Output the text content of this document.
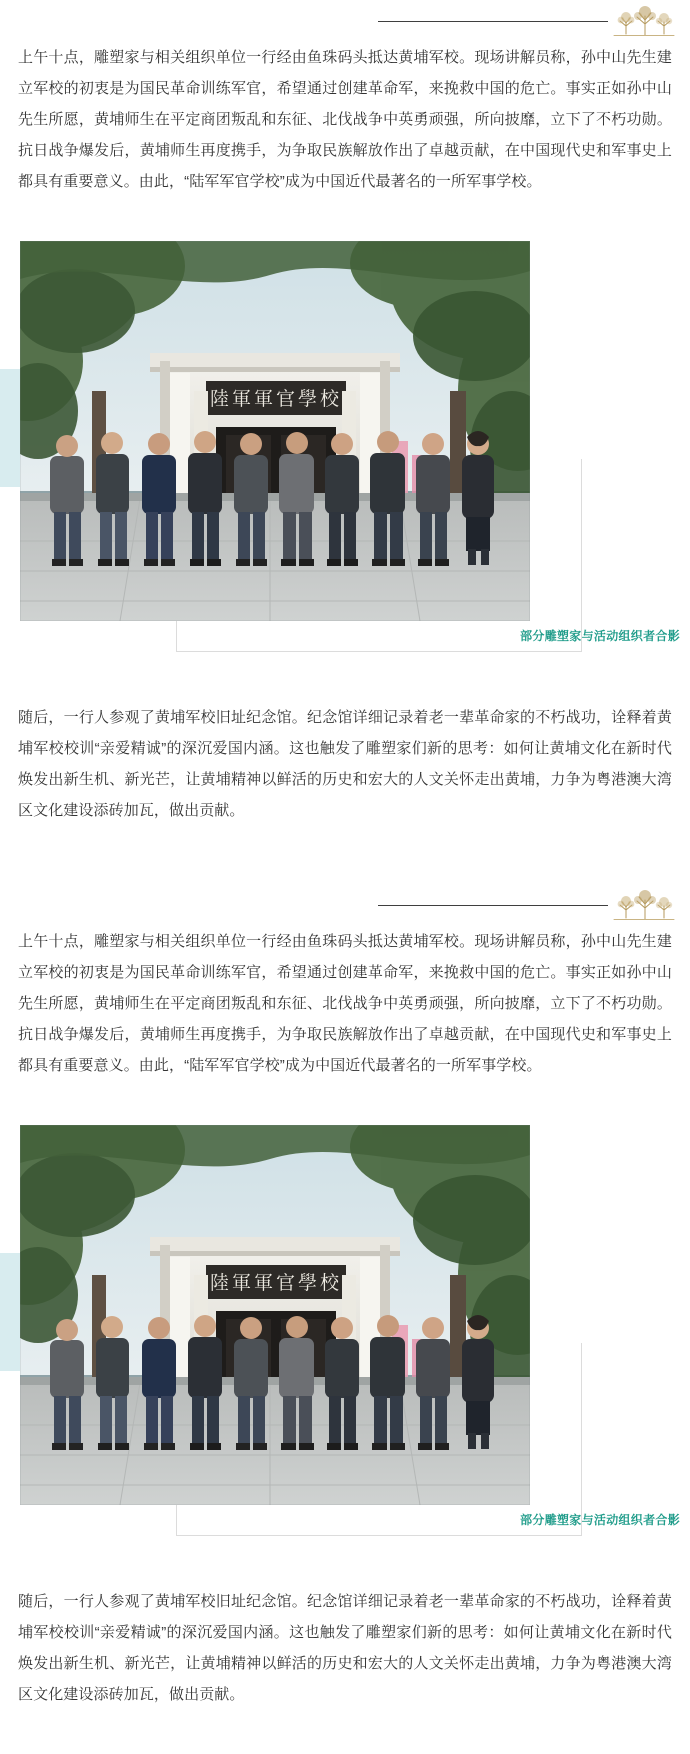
上午十点，雕塑家与相关组织单位一行经由鱼珠码头抵达黄埔军校。现场讲解员称，孙中山先生建立军校的初衷是为国民革命训练军官，希望通过创建革命军，来挽救中国的危亡。事实正如孙中山先生所愿，黄埔师生在平定商团叛乱和东征、北伐战争中英勇顽强，所向披靡，立下了不朽功勋。抗日战争爆发后，黄埔师生再度携手，为争取民族解放作出了卓越贡献，在中国现代史和军事史上都具有重要意义。由此，“陆军军官学校”成为中国近代最著名的一所军事学校。

陸軍軍官學校
部分雕塑家与活动组织者合影

随后，一行人参观了黄埔军校旧址纪念馆。纪念馆详细记录着老一辈革命家的不朽战功，诠释着黄埔军校校训“亲爱精诚”的深沉爱国内涵。这也触发了雕塑家们新的思考：如何让黄埔文化在新时代焕发出新生机、新光芒，让黄埔精神以鲜活的历史和宏大的人文关怀走出黄埔，力争为粤港澳大湾区文化建设添砖加瓦，做出贡献。

上午十点，雕塑家与相关组织单位一行经由鱼珠码头抵达黄埔军校。现场讲解员称，孙中山先生建立军校的初衷是为国民革命训练军官，希望通过创建革命军，来挽救中国的危亡。事实正如孙中山先生所愿，黄埔师生在平定商团叛乱和东征、北伐战争中英勇顽强，所向披靡，立下了不朽功勋。抗日战争爆发后，黄埔师生再度携手，为争取民族解放作出了卓越贡献，在中国现代史和军事史上都具有重要意义。由此，“陆军军官学校”成为中国近代最著名的一所军事学校。

陸軍軍官學校
部分雕塑家与活动组织者合影

随后，一行人参观了黄埔军校旧址纪念馆。纪念馆详细记录着老一辈革命家的不朽战功，诠释着黄埔军校校训“亲爱精诚”的深沉爱国内涵。这也触发了雕塑家们新的思考：如何让黄埔文化在新时代焕发出新生机、新光芒，让黄埔精神以鲜活的历史和宏大的人文关怀走出黄埔，力争为粤港澳大湾区文化建设添砖加瓦，做出贡献。
